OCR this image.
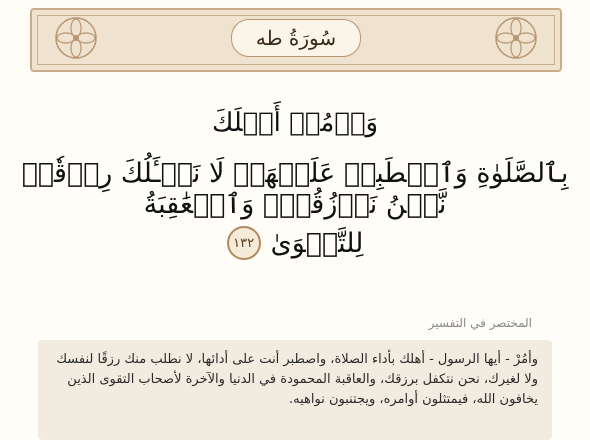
سُورَةُ طه
وَأۡمُرۡ أَهۡلَكَ
بِٱلصَّلَوٰةِ وَٱصۡطَبِرۡ عَلَيۡهَاۖ لَا نَسۡـَٔلُكَ رِزۡقٗاۖ نَّحۡنُ نَرۡزُقُكَۗ وَٱلۡعَٰقِبَةُ
لِلتَّقۡوَىٰ
١٣٢
المختصر في التفسير
وأمُرْ - أيها الرسول - أهلك بأداء الصلاة، واصطبر أنت على أدائها، لا نطلب منك رزقًا لنفسك ولا لغيرك، نحن نتكفل برزقك، والعاقبة المحمودة في الدنيا والآخرة لأصحاب التقوى الذين يخافون الله، فيمتثلون أوامره، ويجتنبون نواهيه.
